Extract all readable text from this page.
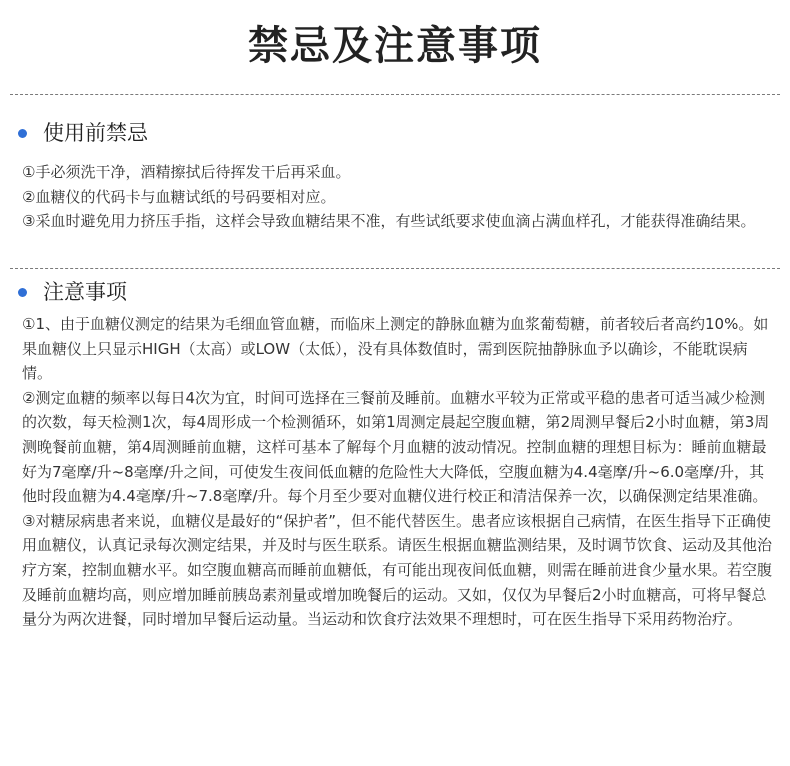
禁忌及注意事项
使用前禁忌

①手必须洗干净，酒精擦拭后待挥发干后再采血。

②血糖仪的代码卡与血糖试纸的号码要相对应。

③采血时避免用力挤压手指，这样会导致血糖结果不准，有些试纸要求使血滴占满血样孔，才能获得准确结果。

注意事项

①1、由于血糖仪测定的结果为毛细血管血糖，而临床上测定的静脉血糖为血浆葡萄糖，前者较后者高约10%。如果血糖仪上只显示HIGH（太高）或LOW（太低），没有具体数值时，需到医院抽静脉血予以确诊，不能耽误病情。

②测定血糖的频率以每日4次为宜，时间可选择在三餐前及睡前。血糖水平较为正常或平稳的患者可适当减少检测的次数，每天检测1次，每4周形成一个检测循环，如第1周测定晨起空腹血糖，第2周测早餐后2小时血糖，第3周测晚餐前血糖，第4周测睡前血糖，这样可基本了解每个月血糖的波动情况。控制血糖的理想目标为：睡前血糖最好为7毫摩/升~8毫摩/升之间，可使发生夜间低血糖的危险性大大降低，空腹血糖为4.4毫摩/升~6.0毫摩/升，其他时段血糖为4.4毫摩/升~7.8毫摩/升。每个月至少要对血糖仪进行校正和清洁保养一次，以确保测定结果准确。

③对糖尿病患者来说，血糖仪是最好的“保护者”，但不能代替医生。患者应该根据自己病情，在医生指导下正确使用血糖仪，认真记录每次测定结果，并及时与医生联系。请医生根据血糖监测结果，及时调节饮食、运动及其他治疗方案，控制血糖水平。如空腹血糖高而睡前血糖低，有可能出现夜间低血糖，则需在睡前进食少量水果。若空腹及睡前血糖均高，则应增加睡前胰岛素剂量或增加晚餐后的运动。又如，仅仅为早餐后2小时血糖高，可将早餐总量分为两次进餐，同时增加早餐后运动量。当运动和饮食疗法效果不理想时，可在医生指导下采用药物治疗。
